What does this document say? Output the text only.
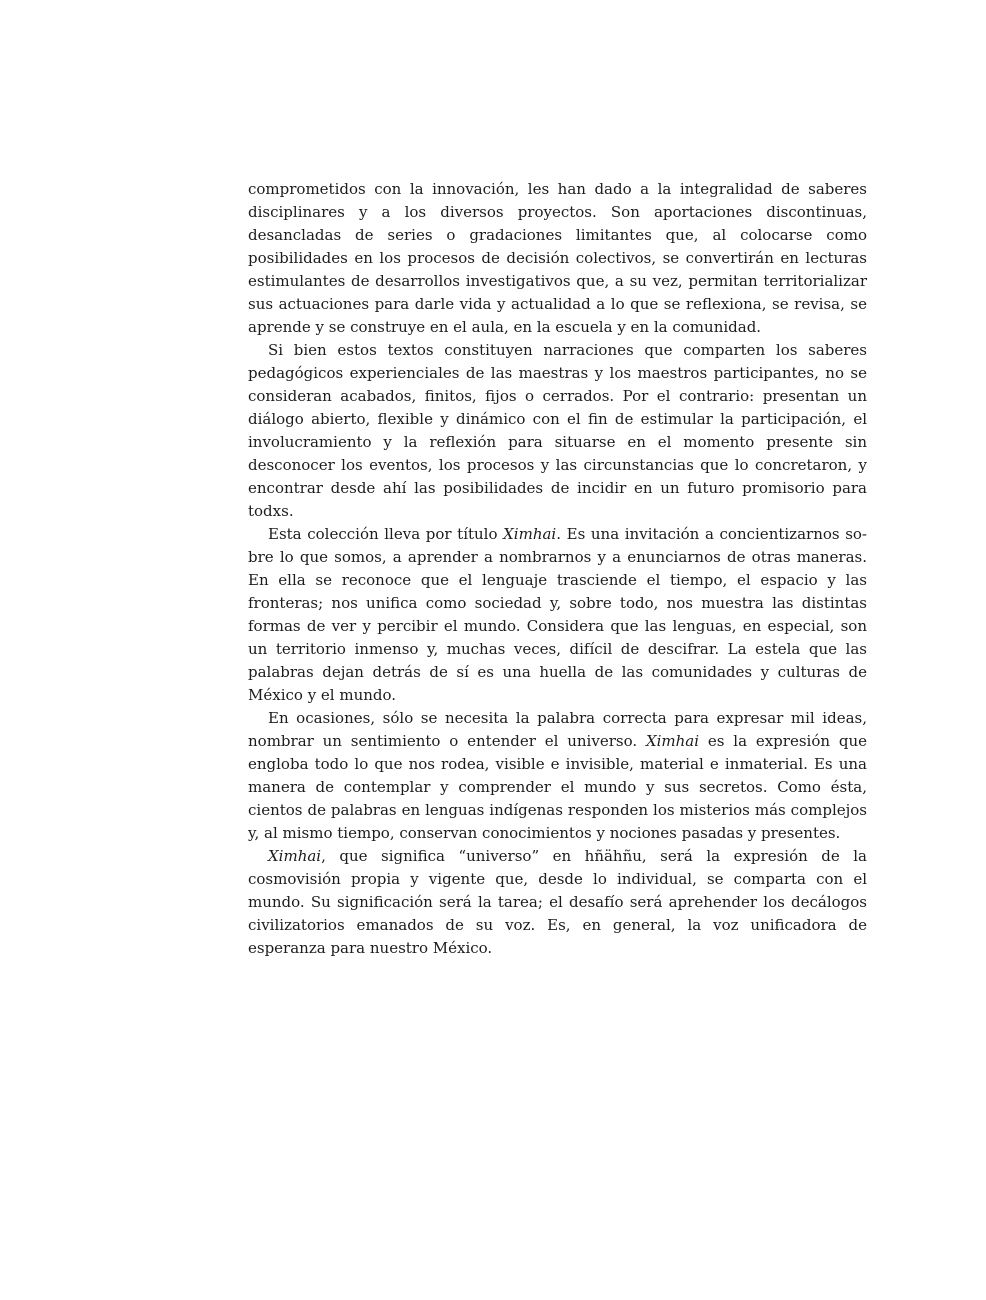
comprometidos con la innovación, les han dado a la integralidad de saberes disciplinares y a los diversos proyectos. Son aportaciones discontinuas, desancladas de series o gradaciones limitantes que, al colocarse como posibilidades en los procesos de decisión colectivos, se convertirán en lecturas estimulantes de desarrollos investigativos que, a su vez, permitan territorializar sus actuaciones para darle vida y actualidad a lo que se reflexiona, se revisa, se aprende y se construye en el aula, en la escuela y en la comunidad.

Si bien estos textos constituyen narraciones que comparten los saberes pedagógicos experienciales de las maestras y los maestros participantes, no se consideran acabados, finitos, fijos o cerrados. Por el contrario: presentan un diálogo abierto, flexible y dinámico con el fin de estimular la participación, el involucramiento y la reflexión para situarse en el momento presente sin desconocer los eventos, los procesos y las circunstancias que lo concretaron, y encontrar desde ahí las posibilidades de incidir en un futuro promisorio para todxs.

Esta colección lleva por título Ximhai. Es una invitación a concientizarnos sobre lo que somos, a aprender a nombrarnos y a enunciarnos de otras maneras. En ella se reconoce que el lenguaje trasciende el tiempo, el espacio y las fronteras; nos unifica como sociedad y, sobre todo, nos muestra las distintas formas de ver y percibir el mundo. Considera que las lenguas, en especial, son un territorio inmenso y, muchas veces, difícil de descifrar. La estela que las palabras dejan detrás de sí es una huella de las comunidades y culturas de México y el mundo.

En ocasiones, sólo se necesita la palabra correcta para expresar mil ideas, nombrar un sentimiento o entender el universo. Ximhai es la expresión que engloba todo lo que nos rodea, visible e invisible, material e inmaterial. Es una manera de contemplar y comprender el mundo y sus secretos. Como ésta, cientos de palabras en lenguas indígenas responden los misterios más complejos y, al mismo tiempo, conservan conocimientos y nociones pasadas y presentes.

Ximhai, que significa “universo” en hñähñu, será la expresión de la cosmovisión propia y vigente que, desde lo individual, se comparta con el mundo. Su significación será la tarea; el desafío será aprehender los decálogos civilizatorios emanados de su voz. Es, en general, la voz unificadora de esperanza para nuestro México.
